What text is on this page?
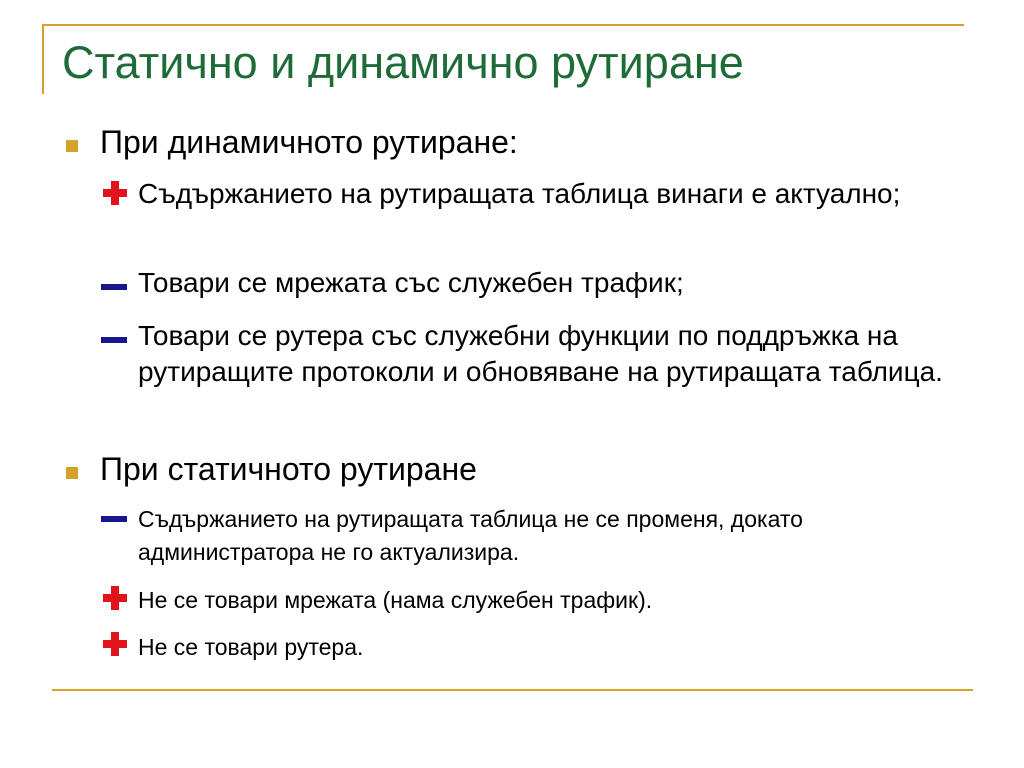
Статично и динамично рутиране
При динамичното рутиране:
Съдържанието на рутиращата таблица винаги е актуално;
Товари се мрежата със служебен трафик;
Товари се рутера със служебни функции по поддръжка на рутиращите протоколи и обновяване на рутиращата таблица.
При статичното рутиране
Съдържанието на рутиращата таблица не се променя, докато администратора не го актуализира.
Не се товари мрежата (нама служебен трафик).
Не се товари рутера.
